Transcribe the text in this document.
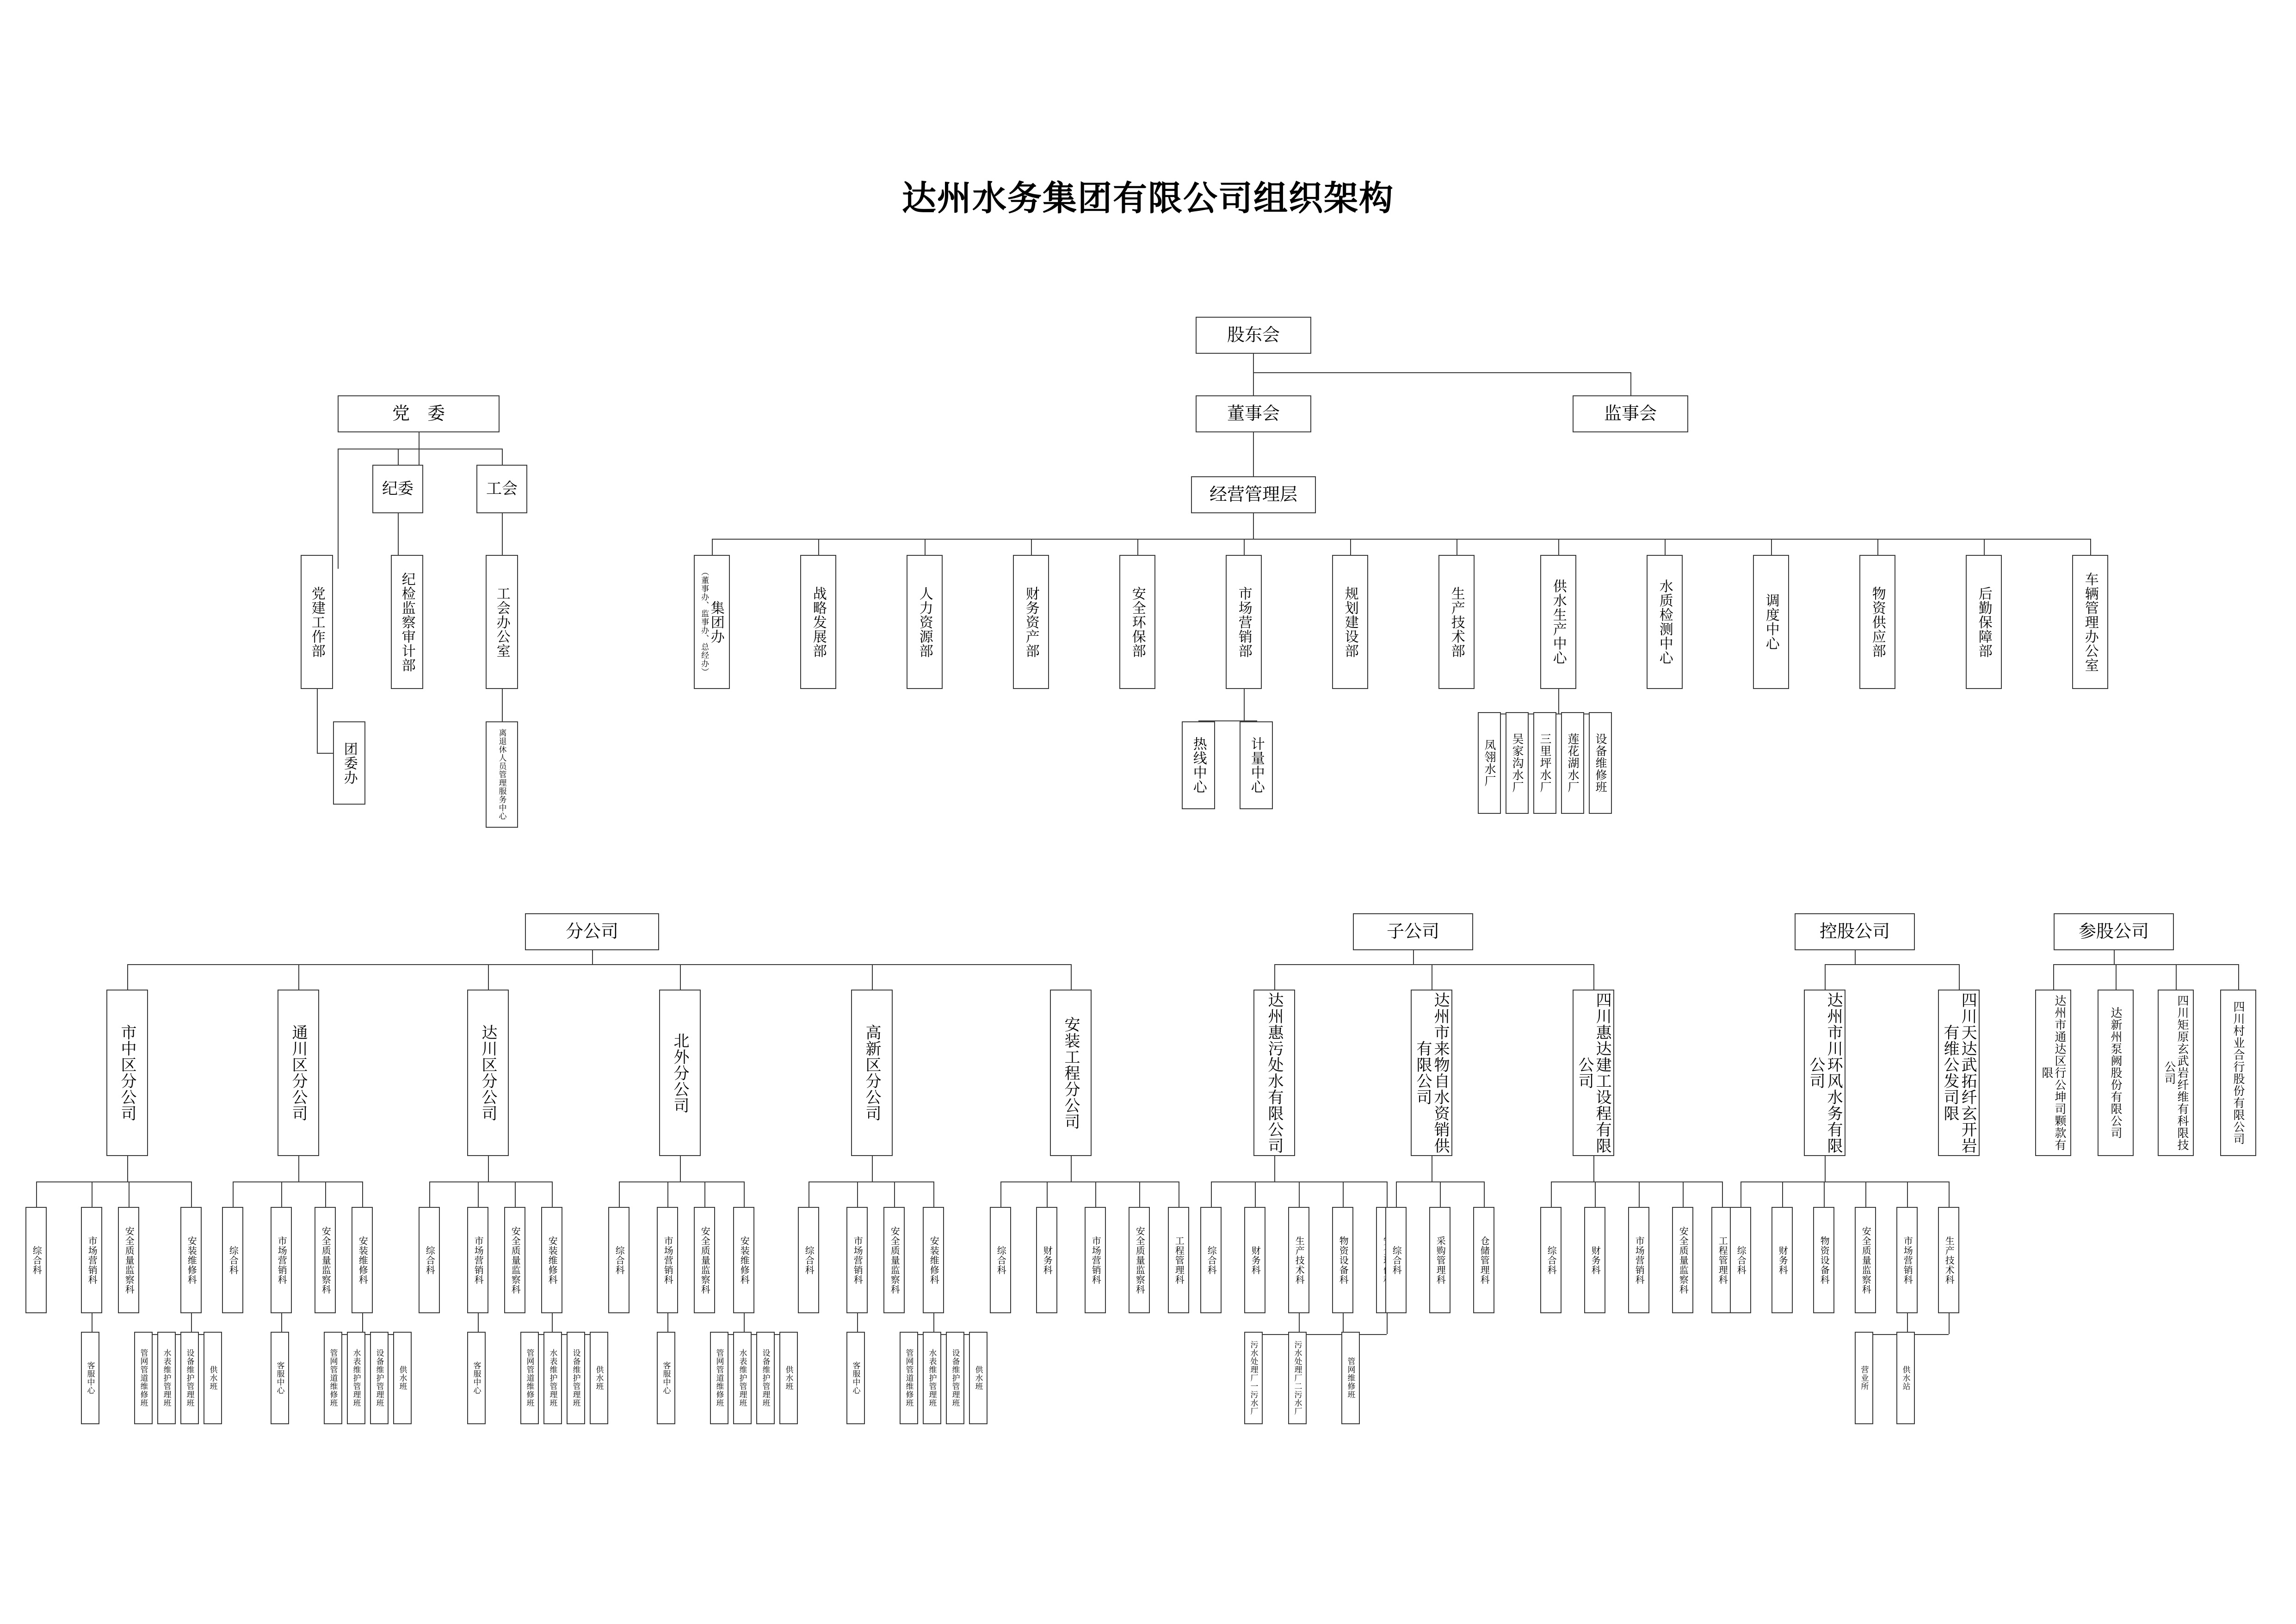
达州水务集团有限公司组织架构
股东会
董事会	监事会
经营管理层
党　委
纪委	工会
党建工作部	纪检监察审计部	工会办公室
团委办	离退休人员管理服务中心
集团办
（董事办、监事办、总经办）	战略发展部	人力资源部	财务资产部	安全环保部	市场营销部	规划建设部	生产技术部	供水生产中心	水质检测中心	调度中心	物资供应部	后勤保障部	车辆管理办公室
热线中心	计量中心	凤翎水厂	吴家沟水厂	三里坪水厂	莲花湖水厂	设备维修班
分公司	子公司	控股公司	参股公司
市中区分公司
综合科	市场营销科	安全质量监察科	安装维修科
客服中心	管网管道维修班	水表维护管理班	设备维护管理班	供水班
通川区分公司
综合科	市场营销科	安全质量监察科	安装维修科
客服中心	管网管道维修班	水表维护管理班	设备维护管理班	供水班
达川区分公司
综合科	市场营销科	安全质量监察科	安装维修科
客服中心	管网管道维修班	水表维护管理班	设备维护管理班	供水班
北外分公司
综合科	市场营销科	安全质量监察科	安装维修科
客服中心	管网管道维修班	水表维护管理班	设备维护管理班	供水班
高新区分公司
综合科	市场营销科	安全质量监察科	安装维修科
客服中心	管网管道维修班	水表维护管理班	设备维护管理班	供水班
安装工程分公司
综合科	财务科	市场营销科	安全质量监察科	工程管理科
达州惠污处水有限公司
综合科	财务科	生产技术科	物资设备科
污水处理厂一污水厂	污水处理厂二污水厂	管网维修班
达州市来物自水资销供有限公司
综合科	采购管理科	仓储管理科
四川惠达建工设程有限公司
综合科	财务科	市场营销科	安全质量监察科	工程管理科
达州市川环风水务有限公司
综合科	财务科	物资设备科	安全质量监察科	市场营销科	生产技术科
营业所	供水站
四川天达武拓纤玄开岩有维公发司限	达州市通达区行公坤司颗款有限	达新州泵阙股份有限公司	四川矩原玄武岩纤维有科限技公司	四川村业合行股份有限公司
